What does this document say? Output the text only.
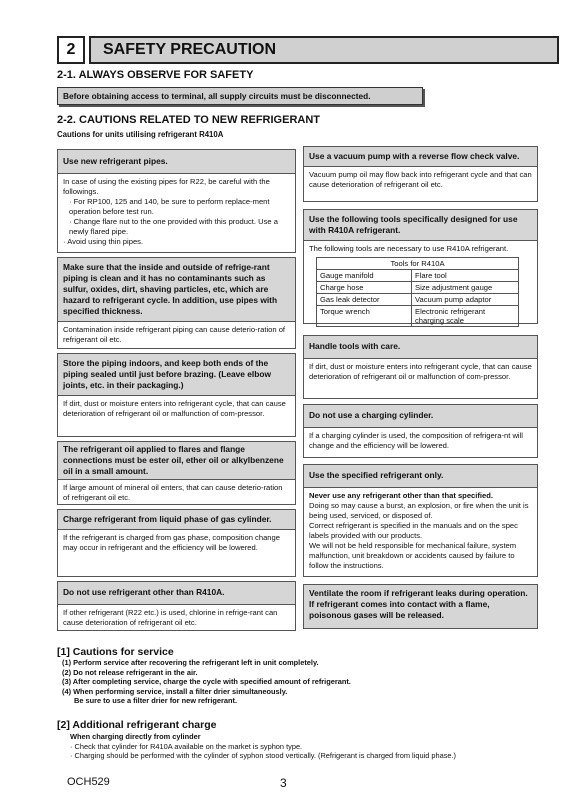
2	SAFETY PRECAUTION
2-1. ALWAYS OBSERVE FOR SAFETY
Before obtaining access to terminal, all supply circuits must be disconnected.
2-2. CAUTIONS RELATED TO NEW REFRIGERANT
Cautions for units utilising refrigerant R410A
Use new refrigerant pipes.

In case of using the existing pipes for R22, be careful with the followings.

· For RP100, 125 and 140, be sure to perform replace-ment operation before test run.

· Change flare nut to the one provided with this product. Use a newly flared pipe.

· Avoid using thin pipes.

Make sure that the inside and outside of refrige-rant piping is clean and it has no contaminants such as sulfur, oxides, dirt, shaving particles, etc, which are hazard to refrigerant cycle. In addition, use pipes with specified thickness.
Contamination inside refrigerant piping can cause deterio-ration of refrigerant oil etc.
Store the piping indoors, and keep both ends of the piping sealed until just before brazing. (Leave elbow joints, etc. in their packaging.)
If dirt, dust or moisture enters into refrigerant cycle, that can cause deterioration of refrigerant oil or malfunction of com-pressor.
The refrigerant oil applied to flares and flange connections must be ester oil, ether oil or alkylbenzene oil in a small amount.
If large amount of mineral oil enters, that can cause deterio-ration of refrigerant oil etc.
Charge refrigerant from liquid phase of gas cylinder.
If the refrigerant is charged from gas phase, composition change may occur in refrigerant and the efficiency will be lowered.
Do not use refrigerant other than R410A.
If other refrigerant (R22 etc.) is used, chlorine in refrige-rant can cause deterioration of refrigerant oil etc.
Use a vacuum pump with a reverse flow check valve.
Vacuum pump oil may flow back into refrigerant cycle and that can cause deterioration of refrigerant oil etc.
Use the following tools specifically designed for use with R410A refrigerant.
The following tools are necessary to use R410A refrigerant.
Tools for R410A	
Gauge manifold	Flare tool
Charge hose	Size adjustment gauge
Gas leak detector	Vacuum pump adaptor
Torque wrench	Electronic refrigerant charging scale
Handle tools with care.
If dirt, dust or moisture enters into refrigerant cycle, that can cause deterioration of refrigerant oil or malfunction of com-pressor.
Do not use a charging cylinder.
If a charging cylinder is used, the composition of refrigera-nt will change and the efficiency will be lowered.
Use the specified refrigerant only.

Never use any refrigerant other than that specified.

Doing so may cause a burst, an explosion, or fire when the unit is being used, serviced, or disposed of.

Correct refrigerant is specified in the manuals and on the spec labels provided with our products.

We will not be held responsible for mechanical failure, system malfunction, unit breakdown or accidents caused by failure to follow the instructions.

Ventilate the room if refrigerant leaks during operation. If refrigerant comes into contact with a flame, poisonous gases will be released.
[1] Cautions for service
(1) Perform service after recovering the refrigerant left in unit completely.
(2) Do not release refrigerant in the air.
(3) After completing service, charge the cycle with specified amount of refrigerant.
(4) When performing service, install a filter drier simultaneously.
Be sure to use a filter drier for new refrigerant.
[2] Additional refrigerant charge
When charging directly from cylinder
· Check that cylinder for R410A available on the market is syphon type.
· Charging should be performed with the cylinder of syphon stood vertically. (Refrigerant is charged from liquid phase.)
OCH529	3
